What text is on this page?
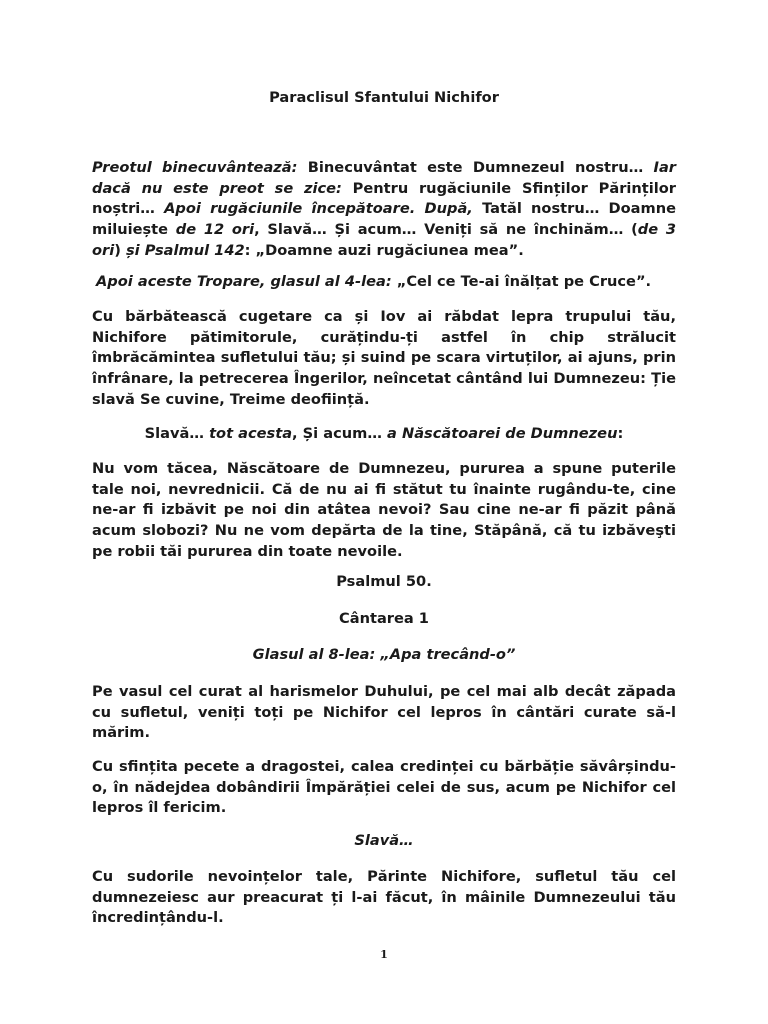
Paraclisul Sfantului Nichifor
Preotul binecuvântează: Binecuvântat este Dumnezeul nostru… Iar dacă nu este preot se zice: Pentru rugăciunile Sfinților Părinților noștri… Apoi rugăciunile începătoare. După, Tatăl nostru… Doamne miluiește de 12 ori, Slavă… Și acum… Veniți să ne închinăm… (de 3 ori) și Psalmul 142: „Doamne auzi rugăciunea mea”.
Apoi aceste Tropare, glasul al 4-lea: „Cel ce Te-ai înălțat pe Cruce”.
Cu bărbătească cugetare ca și Iov ai răbdat lepra trupului tău, Nichifore pătimitorule, curățindu-ți astfel în chip strălucit îmbrăcămintea sufletului tău; și suind pe scara virtuților, ai ajuns, prin înfrânare, la petrecerea Îngerilor, neîncetat cântând lui Dumnezeu: Ție slavă Se cuvine, Treime deoființă.
Slavă… tot acesta, Și acum… a Născătoarei de Dumnezeu:
Nu vom tăcea, Născătoare de Dumnezeu, pururea a spune puterile tale noi, nevrednicii. Că de nu ai fi stătut tu înainte rugându-te, cine ne-ar fi izbăvit pe noi din atâtea nevoi? Sau cine ne-ar fi păzit până acum slobozi? Nu ne vom depărta de la tine, Stăpână, că tu izbăveşti pe robii tăi pururea din toate nevoile.
Psalmul 50.
Cântarea 1
Glasul al 8-lea: „Apa trecând-o”
Pe vasul cel curat al harismelor Duhului, pe cel mai alb decât zăpada cu sufletul, veniți toți pe Nichifor cel lepros în cântări curate să-l mărim.
Cu sfințita pecete a dragostei, calea credinței cu bărbăție săvârșindu-o, în nădejdea dobândirii Împărăției celei de sus, acum pe Nichifor cel lepros îl fericim.
Slavă…
Cu sudorile nevoințelor tale, Părinte Nichifore, sufletul tău cel dumnezeiesc aur preacurat ți l-ai făcut, în mâinile Dumnezeului tău încredințându-l.
1
